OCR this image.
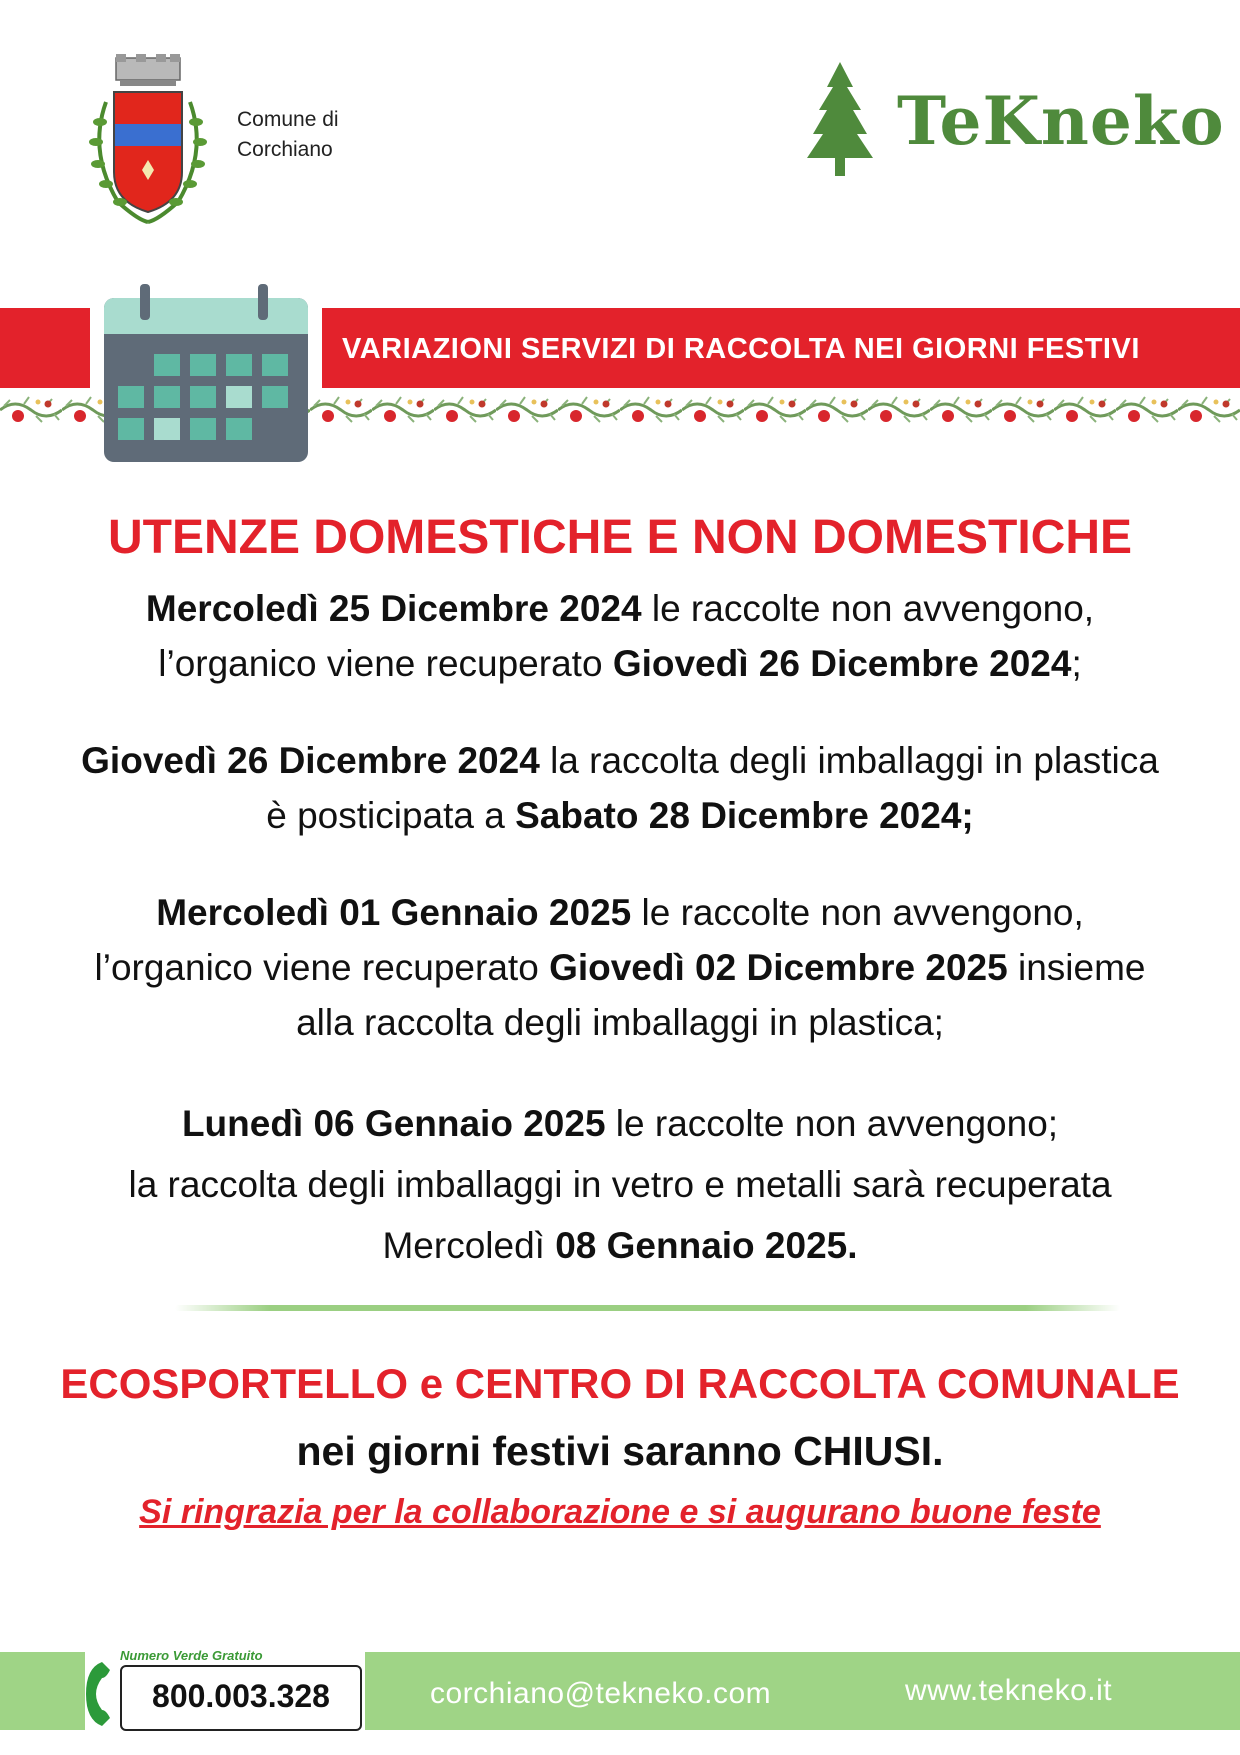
Comune di
Corchiano	TeKneko
VARIAZIONI SERVIZI DI RACCOLTA NEI GIORNI FESTIVI
UTENZE DOMESTICHE E NON DOMESTICHE
Mercoledì 25 Dicembre 2024 le raccolte non avvengono,
l’organico viene recuperato Giovedì 26 Dicembre 2024;
Giovedì 26 Dicembre 2024 la raccolta degli imballaggi in plastica
è posticipata a Sabato 28 Dicembre 2024;
Mercoledì 01 Gennaio 2025 le raccolte non avvengono,
l’organico viene recuperato Giovedì 02 Dicembre 2025 insieme
alla raccolta degli imballaggi in plastica;
Lunedì 06 Gennaio 2025 le raccolte non avvengono;
la raccolta degli imballaggi in vetro e metalli sarà recuperata
Mercoledì 08 Gennaio 2025.
ECOSPORTELLO e CENTRO DI RACCOLTA COMUNALE
nei giorni festivi saranno CHIUSI.
Si ringrazia per la collaborazione e si augurano buone feste
Numero Verde Gratuito
800.003.328	corchiano@tekneko.com	www.tekneko.it
